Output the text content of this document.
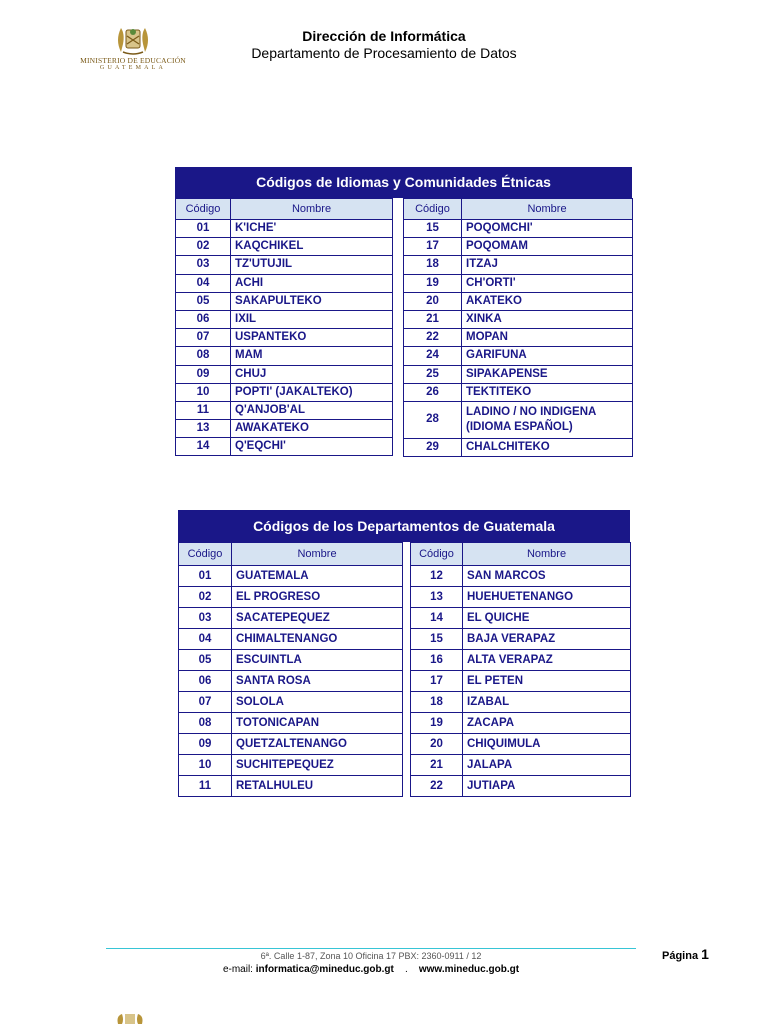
MINISTERIO DE EDUCACIÓN
GUATEMALA
Dirección de Informática
Departamento de Procesamiento de Datos
Códigos de Idiomas y Comunidades Étnicas
Código	Nombre
01	K'ICHE'
02	KAQCHIKEL
03	TZ'UTUJIL
04	ACHI
05	SAKAPULTEKO
06	IXIL
07	USPANTEKO
08	MAM
09	CHUJ
10	POPTI' (JAKALTEKO)
11	Q'ANJOB'AL
13	AWAKATEKO
14	Q'EQCHI'
Código	Nombre
15	POQOMCHI'
17	POQOMAM
18	ITZAJ
19	CH'ORTI'
20	AKATEKO
21	XINKA
22	MOPAN
24	GARIFUNA
25	SIPAKAPENSE
26	TEKTITEKO
28	LADINO / NO INDIGENA
(IDIOMA ESPAÑOL)

29	CHALCHITEKO
Códigos de los Departamentos de Guatemala
Código	Nombre
01	GUATEMALA
02	EL PROGRESO
03	SACATEPEQUEZ
04	CHIMALTENANGO
05	ESCUINTLA
06	SANTA ROSA
07	SOLOLA
08	TOTONICAPAN
09	QUETZALTENANGO
10	SUCHITEPEQUEZ
11	RETALHULEU
Código	Nombre
12	SAN MARCOS
13	HUEHUETENANGO
14	EL QUICHE
15	BAJA VERAPAZ
16	ALTA VERAPAZ
17	EL PETEN
18	IZABAL
19	ZACAPA
20	CHIQUIMULA
21	JALAPA
22	JUTIAPA
6ª. Calle 1-87, Zona 10 Oficina 17 PBX: 2360-0911 / 12
e-mail: informatica@mineduc.gob.gt . www.mineduc.gob.gt
Página 1
